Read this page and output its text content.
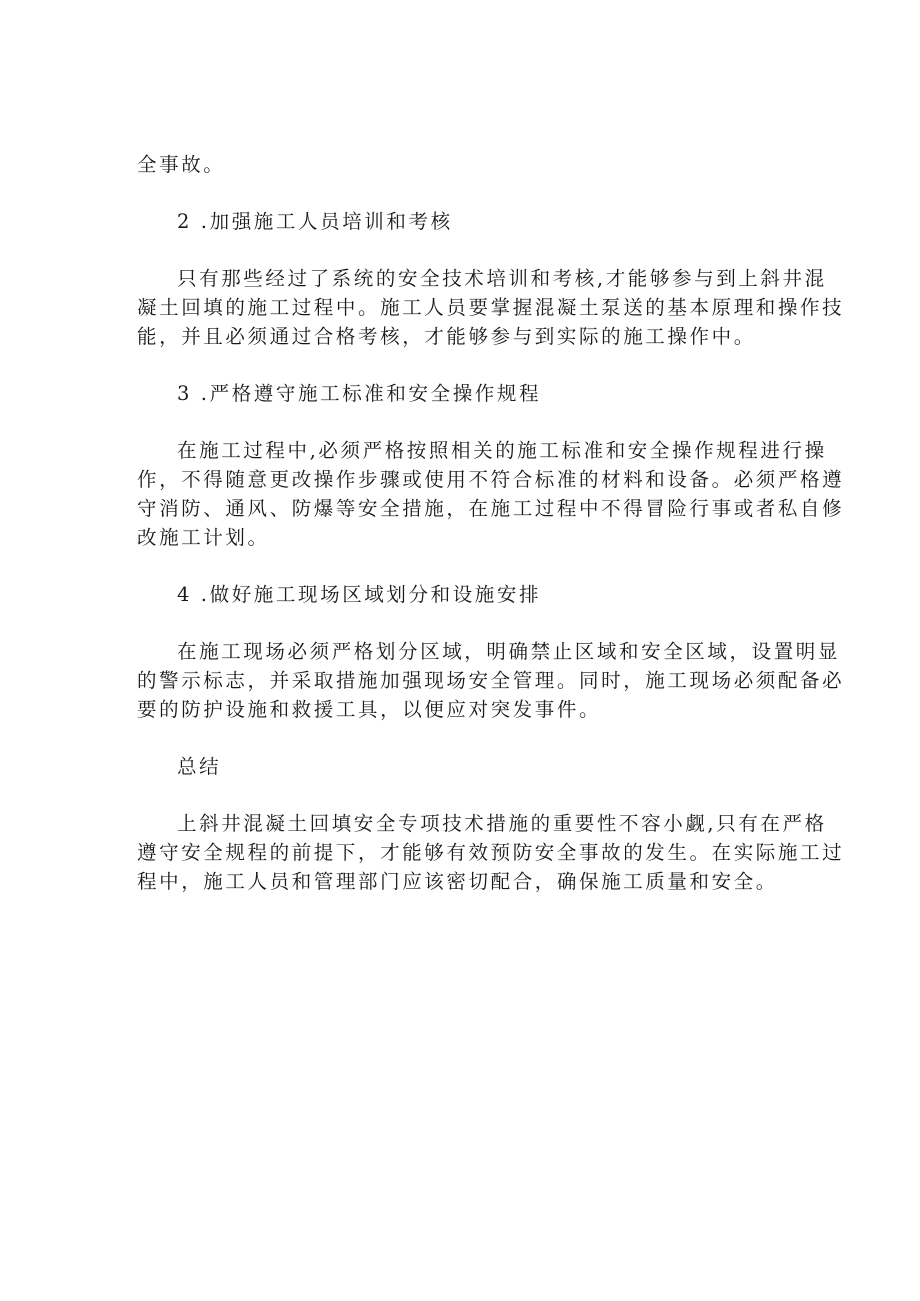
全事故。

2 .加强施工人员培训和考核

只有那些经过了系统的安全技术培训和考核,才能够参与到上斜井混

凝土回填的施工过程中。施工人员要掌握混凝土泵送的基本原理和操作技

能，并且必须通过合格考核，才能够参与到实际的施工操作中。

3 .严格遵守施工标准和安全操作规程

在施工过程中,必须严格按照相关的施工标准和安全操作规程进行操

作，不得随意更改操作步骤或使用不符合标准的材料和设备。必须严格遵

守消防、通风、防爆等安全措施，在施工过程中不得冒险行事或者私自修

改施工计划。

4 .做好施工现场区域划分和设施安排

在施工现场必须严格划分区域，明确禁止区域和安全区域，设置明显

的警示标志，并采取措施加强现场安全管理。同时，施工现场必须配备必

要的防护设施和救援工具，以便应对突发事件。

总结

上斜井混凝土回填安全专项技术措施的重要性不容小觑,只有在严格

遵守安全规程的前提下，才能够有效预防安全事故的发生。在实际施工过

程中，施工人员和管理部门应该密切配合，确保施工质量和安全。
